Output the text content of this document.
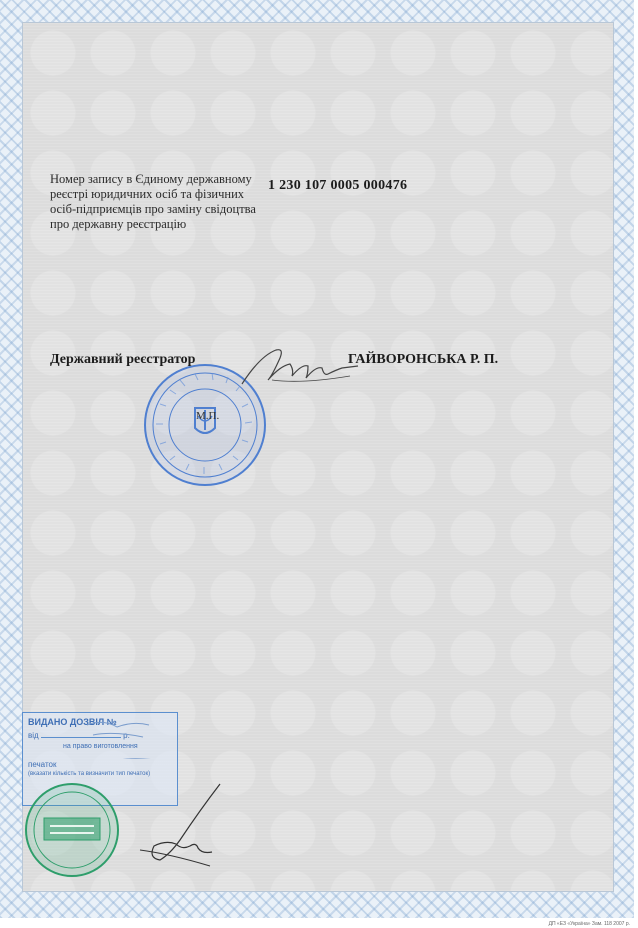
Номер запису в Єдиному державному реєстрі юридичних осіб та фізичних осіб-підприємців про заміну свідоцтва про державну реєстрацію
1 230 107 0005 000476
Державний реєстратор	ГАЙВОРОНСЬКА Р. П.
М.П.
ВИДАНО ДОЗВІЛ №
від	р.
на право виготовлення
печаток
(вказати кількість та визначити тип печаток)
ДП «ЕЗ «Україна» Зам. 118 2007 р.
